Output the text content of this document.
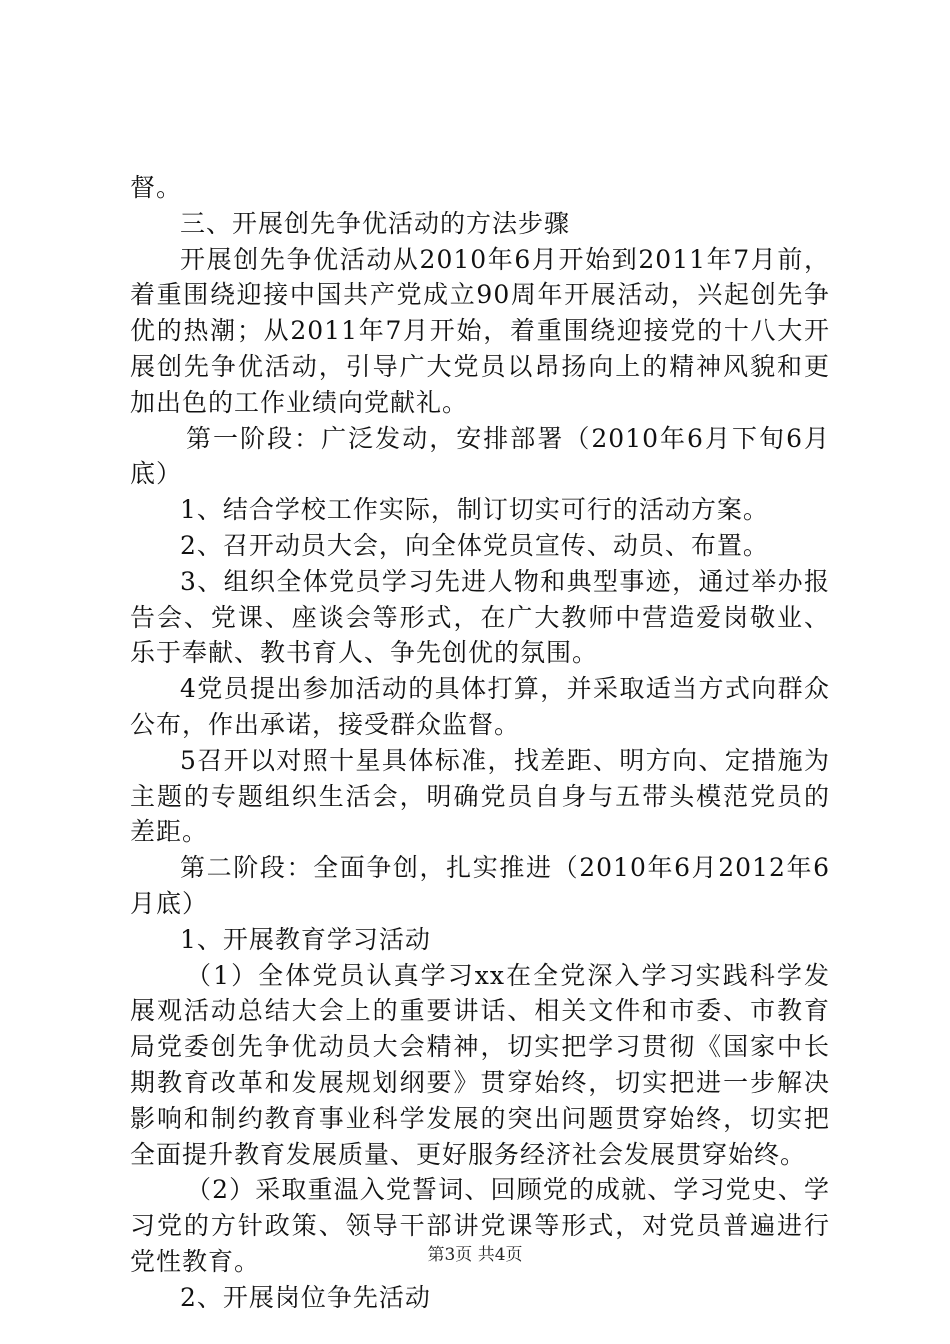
督。

三、开展创先争优活动的方法步骤

开展创先争优活动从2010年6月开始到2011年7月前，着重围绕迎接中国共产党成立90周年开展活动，兴起创先争优的热潮；从2011年7月开始，着重围绕迎接党的十八大开展创先争优活动，引导广大党员以昂扬向上的精神风貌和更加出色的工作业绩向党献礼。

第一阶段：广泛发动，安排部署（2010年6月下旬6月底）

1、结合学校工作实际，制订切实可行的活动方案。

2、召开动员大会，向全体党员宣传、动员、布置。

3、组织全体党员学习先进人物和典型事迹，通过举办报告会、党课、座谈会等形式，在广大教师中营造爱岗敬业、乐于奉献、教书育人、争先创优的氛围。

4党员提出参加活动的具体打算，并采取适当方式向群众公布，作出承诺，接受群众监督。

5召开以对照十星具体标准，找差距、明方向、定措施为主题的专题组织生活会，明确党员自身与五带头模范党员的差距。

第二阶段：全面争创，扎实推进（2010年6月2012年6月底）

1、开展教育学习活动

（1）全体党员认真学习xx在全党深入学习实践科学发展观活动总结大会上的重要讲话、相关文件和市委、市教育局党委创先争优动员大会精神，切实把学习贯彻《国家中长期教育改革和发展规划纲要》贯穿始终，切实把进一步解决影响和制约教育事业科学发展的突出问题贯穿始终，切实把全面提升教育发展质量、更好服务经济社会发展贯穿始终。

（2）采取重温入党誓词、回顾党的成就、学习党史、学习党的方针政策、领导干部讲党课等形式，对党员普遍进行党性教育。

2、开展岗位争先活动

第3页 共4页
